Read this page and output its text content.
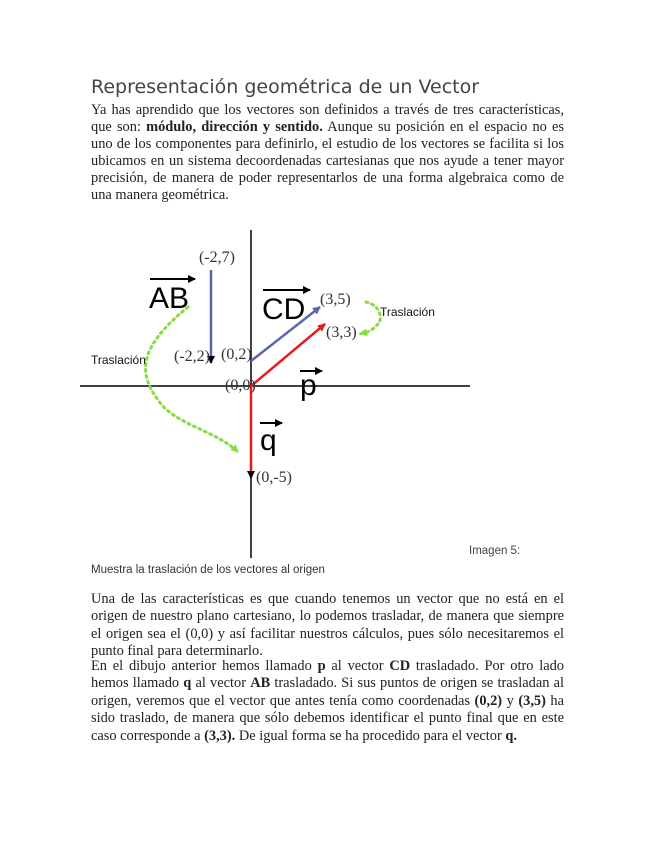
Representación geométrica de un Vector

Ya has aprendido que los vectores son definidos a través de tres características, que son: módulo, dirección y sentido. Aunque su posición en el espacio no es uno de los componentes para definirlo, el estudio de los vectores se facilita si los ubicamos en un sistema decoordenadas cartesianas que nos ayude a tener mayor precisión, de manera de poder representarlos de una forma algebraica como de una manera geométrica.

AB CD
p
q
(-2,7)
(-2,2) (0,2)
(3,5)
(3,3)
(0,0)
(0,-5)
Traslación
Traslación
Imagen 5:
Muestra la traslación de los vectores al origen

Una de las características es que cuando tenemos un vector que no está en el origen de nuestro plano cartesiano, lo podemos trasladar, de manera que siempre el origen sea el (0,0) y así facilitar nuestros cálculos, pues sólo necesitaremos el punto final para determinarlo.

En el dibujo anterior hemos llamado p al vector CD trasladado. Por otro lado hemos llamado q al vector AB trasladado. Si sus puntos de origen se trasladan al origen, veremos que el vector que antes tenía como coordenadas (0,2) y (3,5) ha sido traslado, de manera que sólo debemos identificar el punto final que en este caso corresponde a (3,3). De igual forma se ha procedido para el vector q.
